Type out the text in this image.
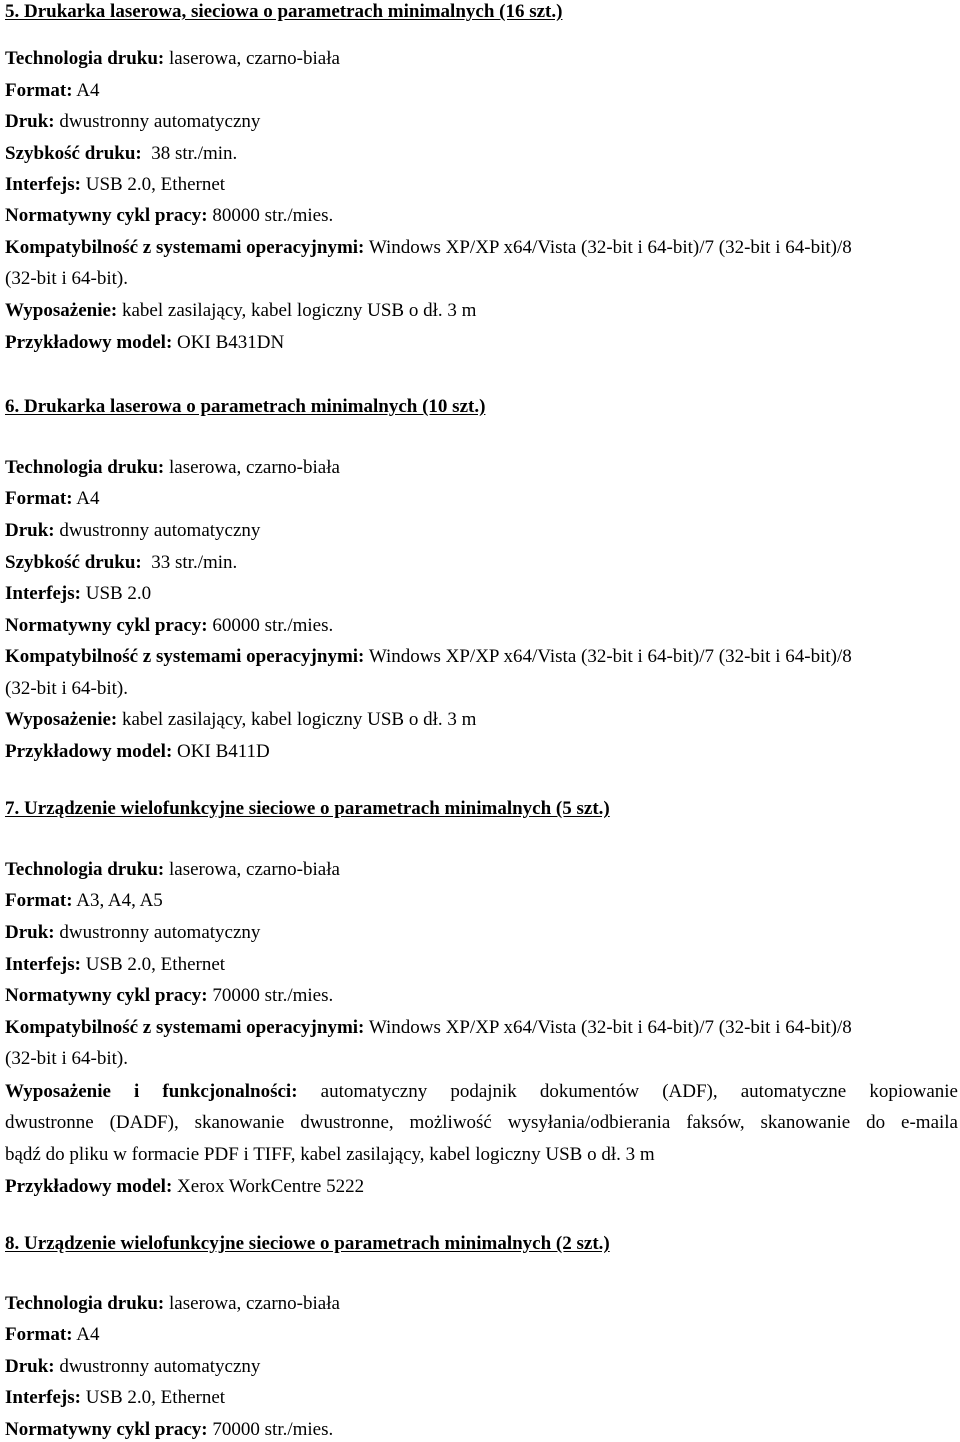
5. Drukarka laserowa, sieciowa o parametrach minimalnych (16 szt.)
Technologia druku: laserowa, czarno-biała
Format: A4
Druk: dwustronny automatyczny
Szybkość druku: 38 str./min.
Interfejs: USB 2.0, Ethernet
Normatywny cykl pracy: 80000 str./mies.
Kompatybilność z systemami operacyjnymi: Windows XP/XP x64/Vista (32-bit i 64-bit)/7 (32-bit i 64-bit)/8
(32-bit i 64-bit).
Wyposażenie: kabel zasilający, kabel logiczny USB o dł. 3 m
Przykładowy model: OKI B431DN
6. Drukarka laserowa o parametrach minimalnych (10 szt.)
Technologia druku: laserowa, czarno-biała
Format: A4
Druk: dwustronny automatyczny
Szybkość druku: 33 str./min.
Interfejs: USB 2.0
Normatywny cykl pracy: 60000 str./mies.
Kompatybilność z systemami operacyjnymi: Windows XP/XP x64/Vista (32-bit i 64-bit)/7 (32-bit i 64-bit)/8
(32-bit i 64-bit).
Wyposażenie: kabel zasilający, kabel logiczny USB o dł. 3 m
Przykładowy model: OKI B411D
7. Urządzenie wielofunkcyjne sieciowe o parametrach minimalnych (5 szt.)
Technologia druku: laserowa, czarno-biała
Format: A3, A4, A5
Druk: dwustronny automatyczny
Interfejs: USB 2.0, Ethernet
Normatywny cykl pracy: 70000 str./mies.
Kompatybilność z systemami operacyjnymi: Windows XP/XP x64/Vista (32-bit i 64-bit)/7 (32-bit i 64-bit)/8
(32-bit i 64-bit).
Wyposażenie i funkcjonalności: automatyczny podajnik dokumentów (ADF), automatyczne kopiowanie
dwustronne (DADF), skanowanie dwustronne, możliwość wysyłania/odbierania faksów, skanowanie do e-maila
bądź do pliku w formacie PDF i TIFF, kabel zasilający, kabel logiczny USB o dł. 3 m
Przykładowy model: Xerox WorkCentre 5222
8. Urządzenie wielofunkcyjne sieciowe o parametrach minimalnych (2 szt.)
Technologia druku: laserowa, czarno-biała
Format: A4
Druk: dwustronny automatyczny
Interfejs: USB 2.0, Ethernet
Normatywny cykl pracy: 70000 str./mies.
